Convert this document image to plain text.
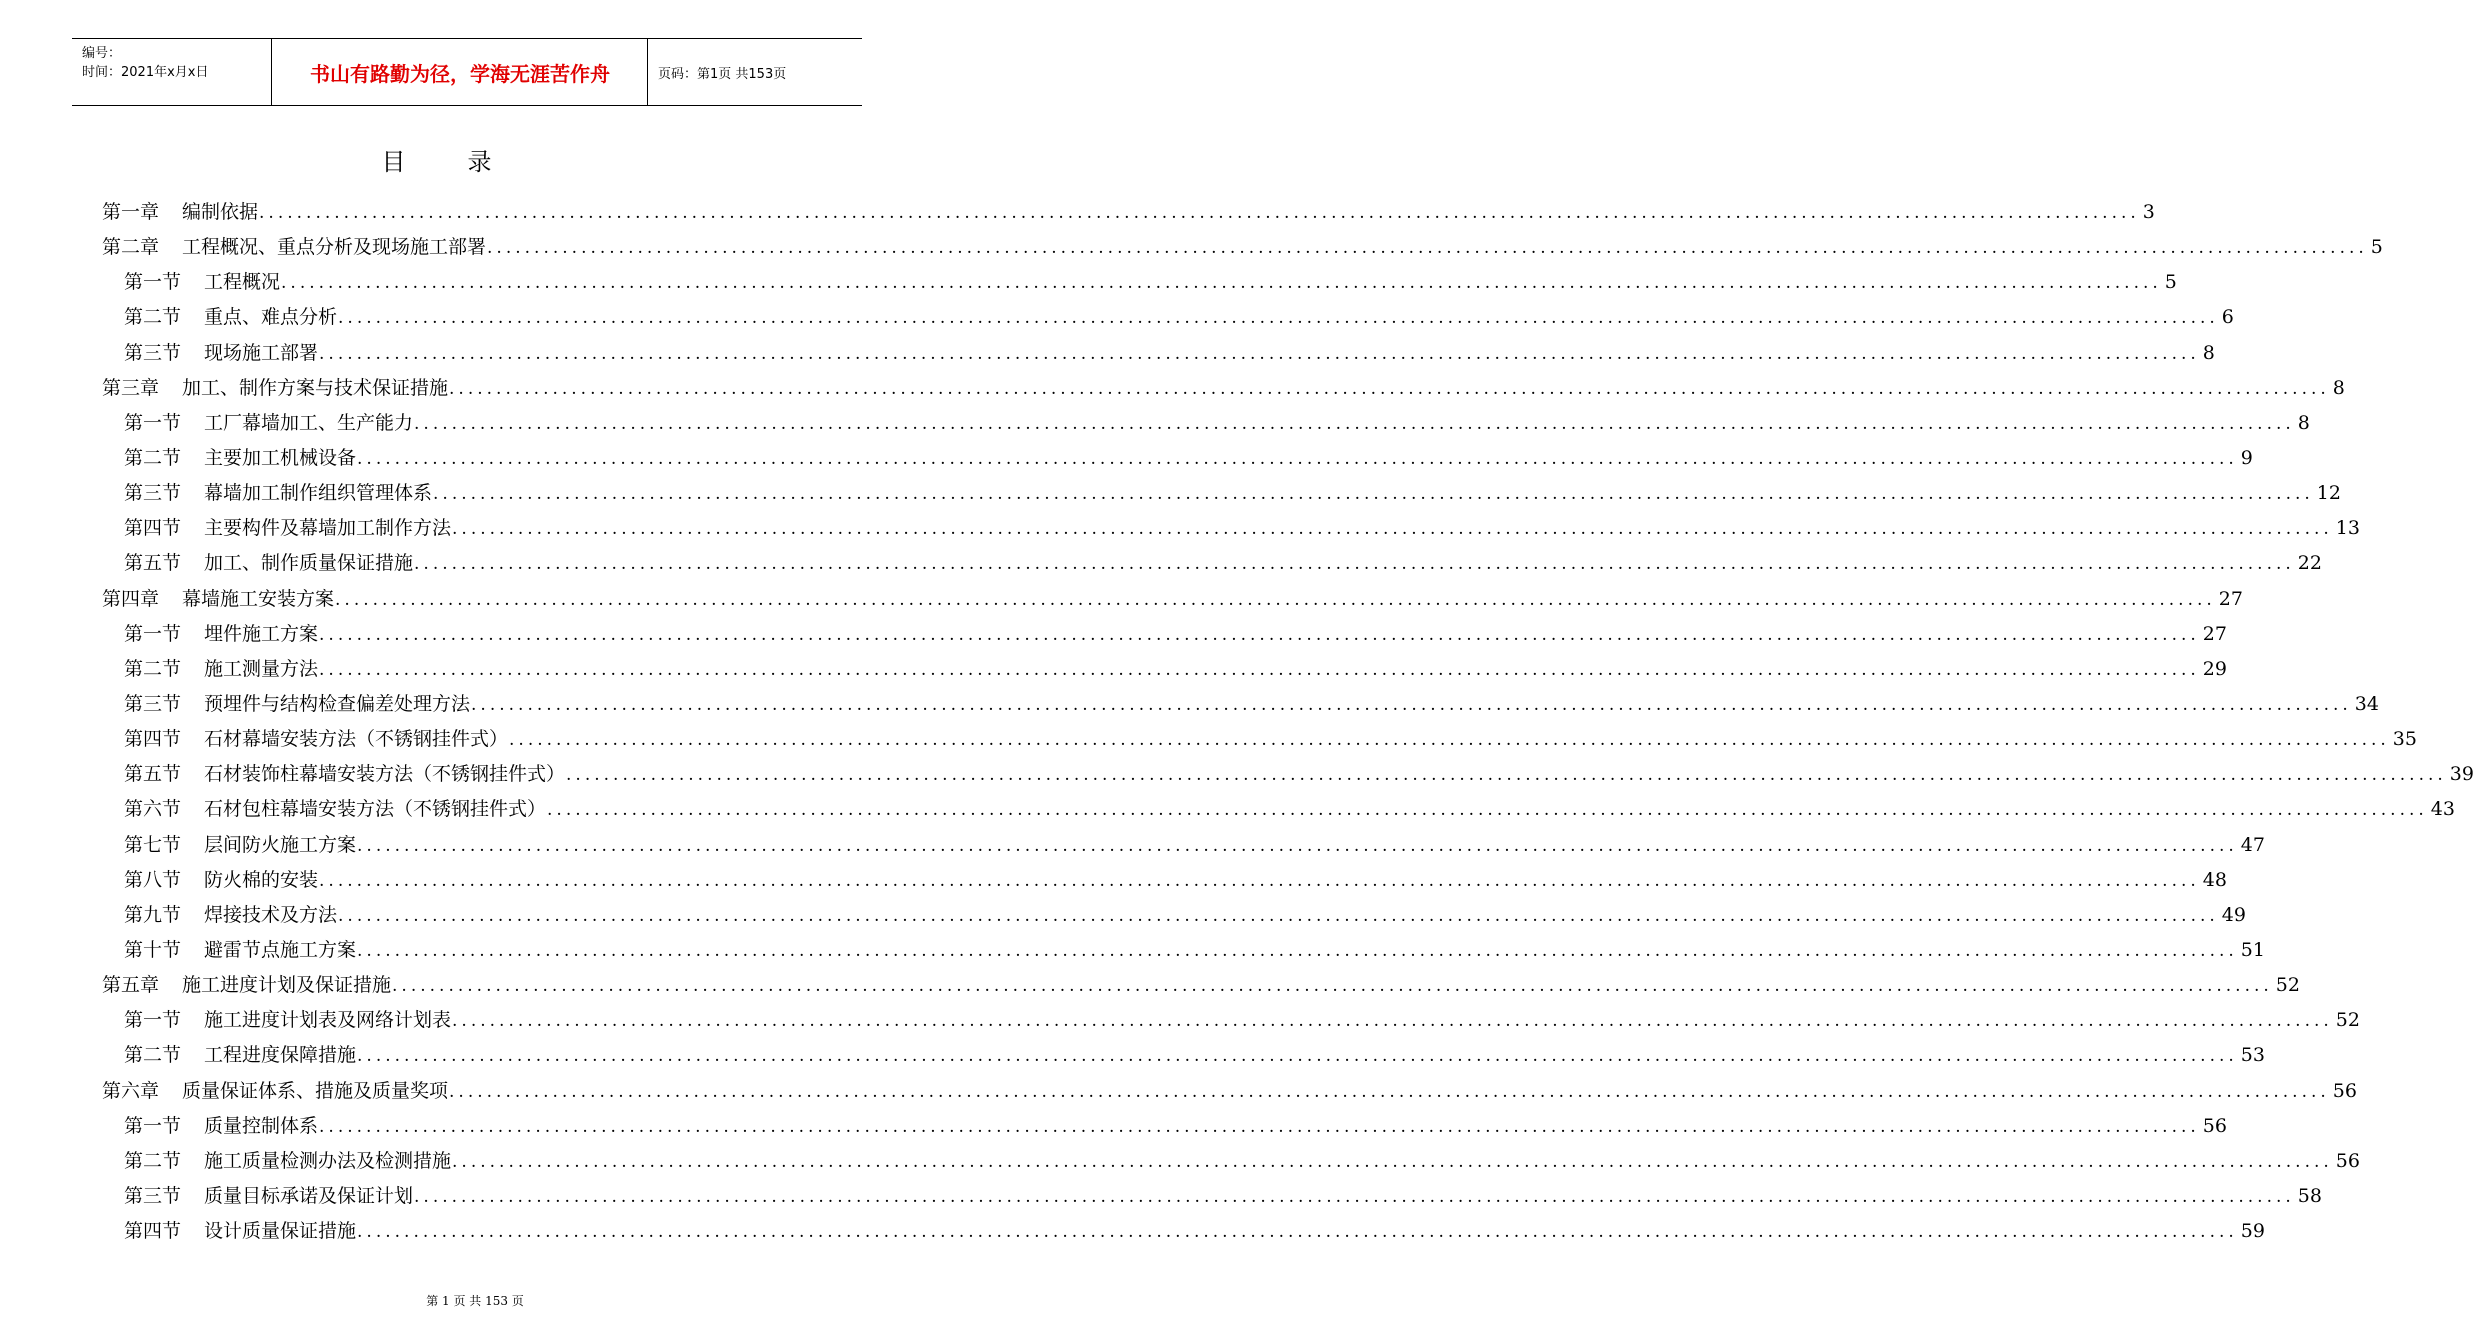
编号：
时间：2021年x月x日	书山有路勤为径，学海无涯苦作舟	页码：第1页 共153页
目录
第一章 编制依据 ........................................................................................................................................................................................................ 3
第二章 工程概况、重点分析及现场施工部署 ........................................................................................................................................................................................................ 5
第一节 工程概况 ........................................................................................................................................................................................................ 5
第二节 重点、难点分析 ........................................................................................................................................................................................................ 6
第三节 现场施工部署 ........................................................................................................................................................................................................ 8
第三章 加工、制作方案与技术保证措施 ........................................................................................................................................................................................................ 8
第一节 工厂幕墙加工、生产能力 ........................................................................................................................................................................................................ 8
第二节 主要加工机械设备 ........................................................................................................................................................................................................ 9
第三节 幕墙加工制作组织管理体系 ........................................................................................................................................................................................................ 12
第四节 主要构件及幕墙加工制作方法 ........................................................................................................................................................................................................ 13
第五节 加工、制作质量保证措施 ........................................................................................................................................................................................................ 22
第四章 幕墙施工安装方案 ........................................................................................................................................................................................................ 27
第一节 埋件施工方案 ........................................................................................................................................................................................................ 27
第二节 施工测量方法 ........................................................................................................................................................................................................ 29
第三节 预埋件与结构检查偏差处理方法 ........................................................................................................................................................................................................ 34
第四节 石材幕墙安装方法（不锈钢挂件式） ........................................................................................................................................................................................................ 35
第五节 石材装饰柱幕墙安装方法（不锈钢挂件式） ........................................................................................................................................................................................................ 39
第六节 石材包柱幕墙安装方法（不锈钢挂件式） ........................................................................................................................................................................................................ 43
第七节 层间防火施工方案 ........................................................................................................................................................................................................ 47
第八节 防火棉的安装 ........................................................................................................................................................................................................ 48
第九节 焊接技术及方法 ........................................................................................................................................................................................................ 49
第十节 避雷节点施工方案 ........................................................................................................................................................................................................ 51
第五章 施工进度计划及保证措施 ........................................................................................................................................................................................................ 52
第一节 施工进度计划表及网络计划表 ........................................................................................................................................................................................................ 52
第二节 工程进度保障措施 ........................................................................................................................................................................................................ 53
第六章 质量保证体系、措施及质量奖项 ........................................................................................................................................................................................................ 56
第一节 质量控制体系 ........................................................................................................................................................................................................ 56
第二节 施工质量检测办法及检测措施 ........................................................................................................................................................................................................ 56
第三节 质量目标承诺及保证计划 ........................................................................................................................................................................................................ 58
第四节 设计质量保证措施 ........................................................................................................................................................................................................ 59
第 1 页 共 153 页
